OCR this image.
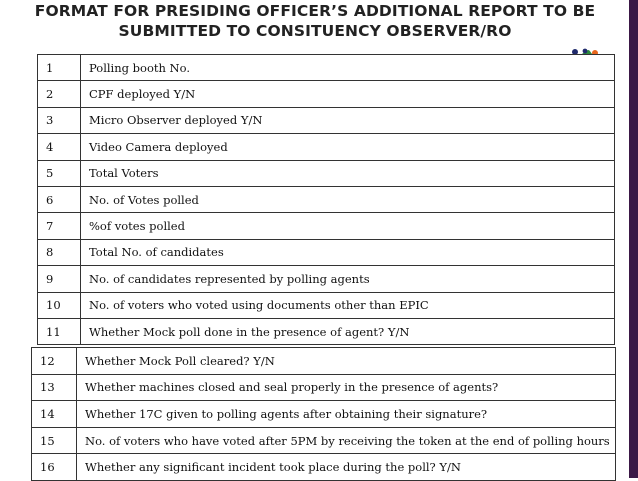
FORMAT FOR PRESIDING OFFICER’S ADDITIONAL REPORT TO BE
SUBMITTED TO CONSITUENCY OBSERVER/RO
1	Polling booth No.
2	CPF deployed Y/N
3	Micro Observer deployed Y/N
4	Video Camera deployed
5	Total Voters
6	No. of Votes polled
7	%of votes polled
8	Total No. of candidates
9	No. of candidates represented by polling agents
10	No. of voters who voted using documents other than EPIC
11	Whether Mock poll done in the presence of agent? Y/N
12	Whether Mock Poll cleared? Y/N
13	Whether machines closed and seal properly in the presence of agents?
14	Whether 17C given to polling agents after obtaining their signature?
15	No. of voters who have voted after 5PM by receiving the token at the end of polling hours
16	Whether any significant incident took place during the poll? Y/N
